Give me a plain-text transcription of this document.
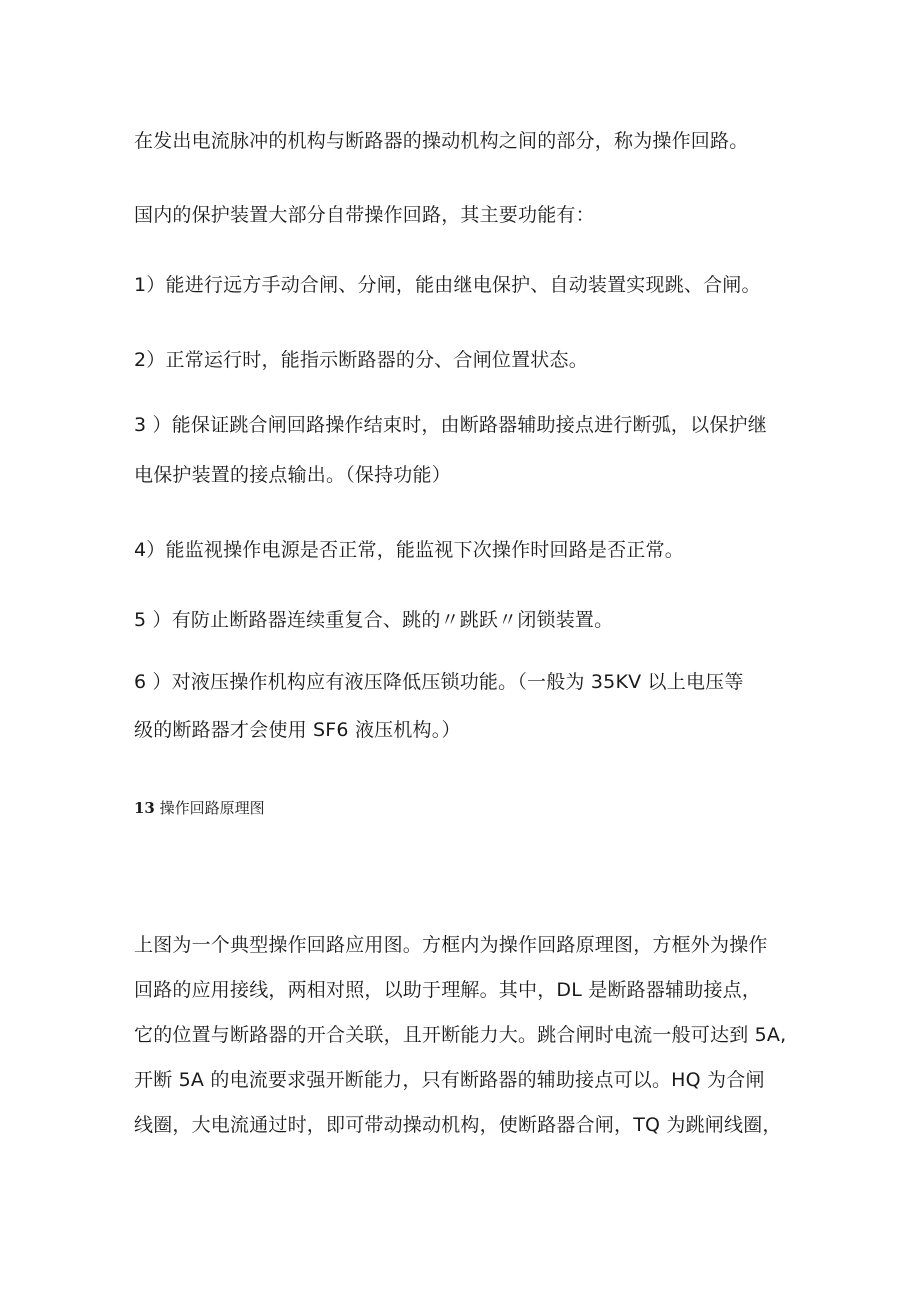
在发出电流脉冲的机构与断路器的操动机构之间的部分，称为操作回路。
国内的保护装置大部分自带操作回路，其主要功能有：
1）能进行远方手动合闸、分闸，能由继电保护、自动装置实现跳、合闸。
2）正常运行时，能指示断路器的分、合闸位置状态。
3 ）能保证跳合闸回路操作结束时，由断路器辅助接点进行断弧，以保护继
电保护装置的接点输出。（保持功能）
4）能监视操作电源是否正常，能监视下次操作时回路是否正常。
5 ）有防止断路器连续重复合、跳的〃跳跃〃闭锁装置。
6 ）对液压操作机构应有液压降低压锁功能。（一般为 35KV 以上电压等
级的断路器才会使用 SF6 液压机构。）
13 操作回路原理图
上图为一个典型操作回路应用图。方框内为操作回路原理图，方框外为操作
回路的应用接线，两相对照，以助于理解。其中，DL 是断路器辅助接点，
它的位置与断路器的开合关联，且开断能力大。跳合闸时电流一般可达到 5A,
开断 5A 的电流要求强开断能力，只有断路器的辅助接点可以。HQ 为合闸
线圈，大电流通过时，即可带动操动机构，使断路器合闸，TQ 为跳闸线圈，
